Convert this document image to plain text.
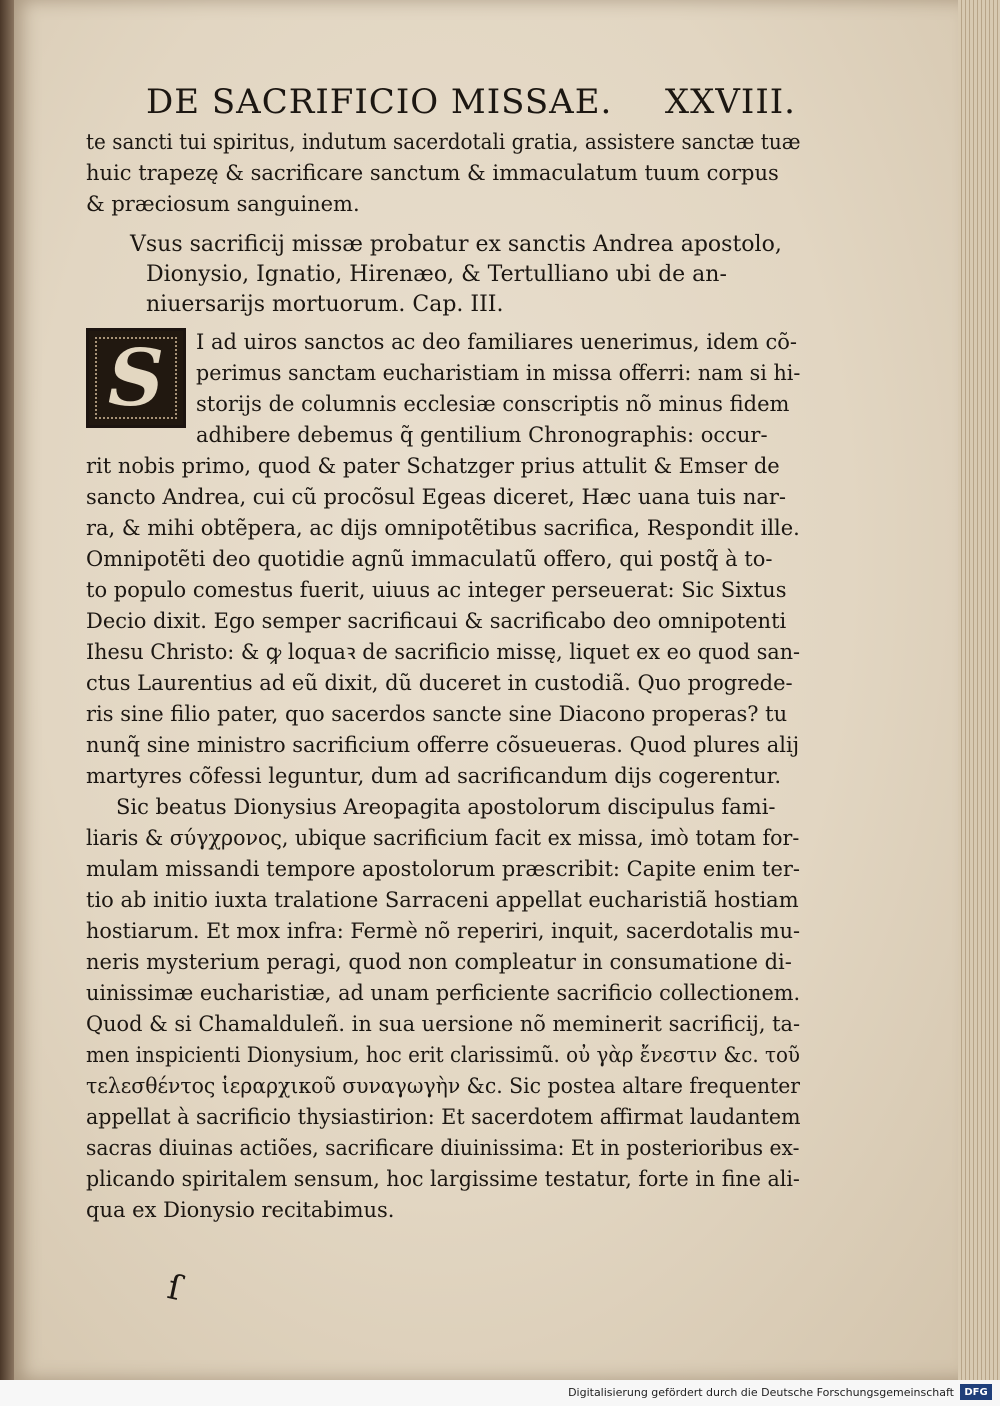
DE SACRIFICIO MISSAE. XXVIII.
te sancti tui spiritus, indutum sacerdotali gratia, assistere sanctæ tuæ
huic trapezę & sacrificare sanctum & immaculatum tuum corpus
& præciosum sanguinem.
Vsus sacrificij missæ probatur ex sanctis Andrea apostolo,
Dionysio, Ignatio, Hirenæo, & Tertulliano ubi de an-
niuersarijs mortuorum. Cap. III.
S I ad uiros sanctos ac deo familiares uenerimus, idem cõ-
perimus sanctam eucharistiam in missa offerri: nam si hi-
storijs de columnis ecclesiæ conscriptis nõ minus fidem
adhibere debemus q̃ gentilium Chronographis: occur-
rit nobis primo, quod & pater Schatzger prius attulit & Emser de
sancto Andrea, cui cũ procõsul Egeas diceret, Hæc uana tuis nar-
ra, & mihi obtẽpera, ac dijs omnipotẽtibus sacrifica, Respondit ille.
Omnipotẽti deo quotidie agnũ immaculatũ offero, qui postq̃ à to-
to populo comestus fuerit, uiuus ac integer perseuerat: Sic Sixtus
Decio dixit. Ego semper sacrificaui & sacrificabo deo omnipotenti
Ihesu Christo: & ꝙ loquaꝛ de sacrificio missę, liquet ex eo quod san-
ctus Laurentius ad eũ dixit, dũ duceret in custodiã. Quo progrede-
ris sine filio pater, quo sacerdos sancte sine Diacono properas? tu
nunq̃ sine ministro sacrificium offerre cõsueueras. Quod plures alij
martyres cõfessi leguntur, dum ad sacrificandum dijs cogerentur.
Sic beatus Dionysius Areopagita apostolorum discipulus fami-
liaris & σύγχρονος, ubique sacrificium facit ex missa, imò totam for-
mulam missandi tempore apostolorum præscribit: Capite enim ter-
tio ab initio iuxta tralatione Sarraceni appellat eucharistiã hostiam
hostiarum. Et mox infra: Fermè nõ reperiri, inquit, sacerdotalis mu-
neris mysterium peragi, quod non compleatur in consumatione di-
uinissimæ eucharistiæ, ad unam perficiente sacrificio collectionem.
Quod & si Chamalduleñ. in sua uersione nõ meminerit sacrificij, ta-
men inspicienti Dionysium, hoc erit clarissimũ. οὐ γὰρ ἔνεστιν &c. τοῦ
τελεσθέντος ἱεραρχικοῦ συναγωγὴν &c. Sic postea altare frequenter
appellat à sacrificio thysiastirion: Et sacerdotem affirmat laudantem
sacras diuinas actiões, sacrificare diuinissima: Et in posterioribus ex-
plicando spiritalem sensum, hoc largissime testatur, forte in fine ali-
qua ex Dionysio recitabimus.
ſ
Digitalisierung gefördert durch die Deutsche Forschungsgemeinschaft	DFG
